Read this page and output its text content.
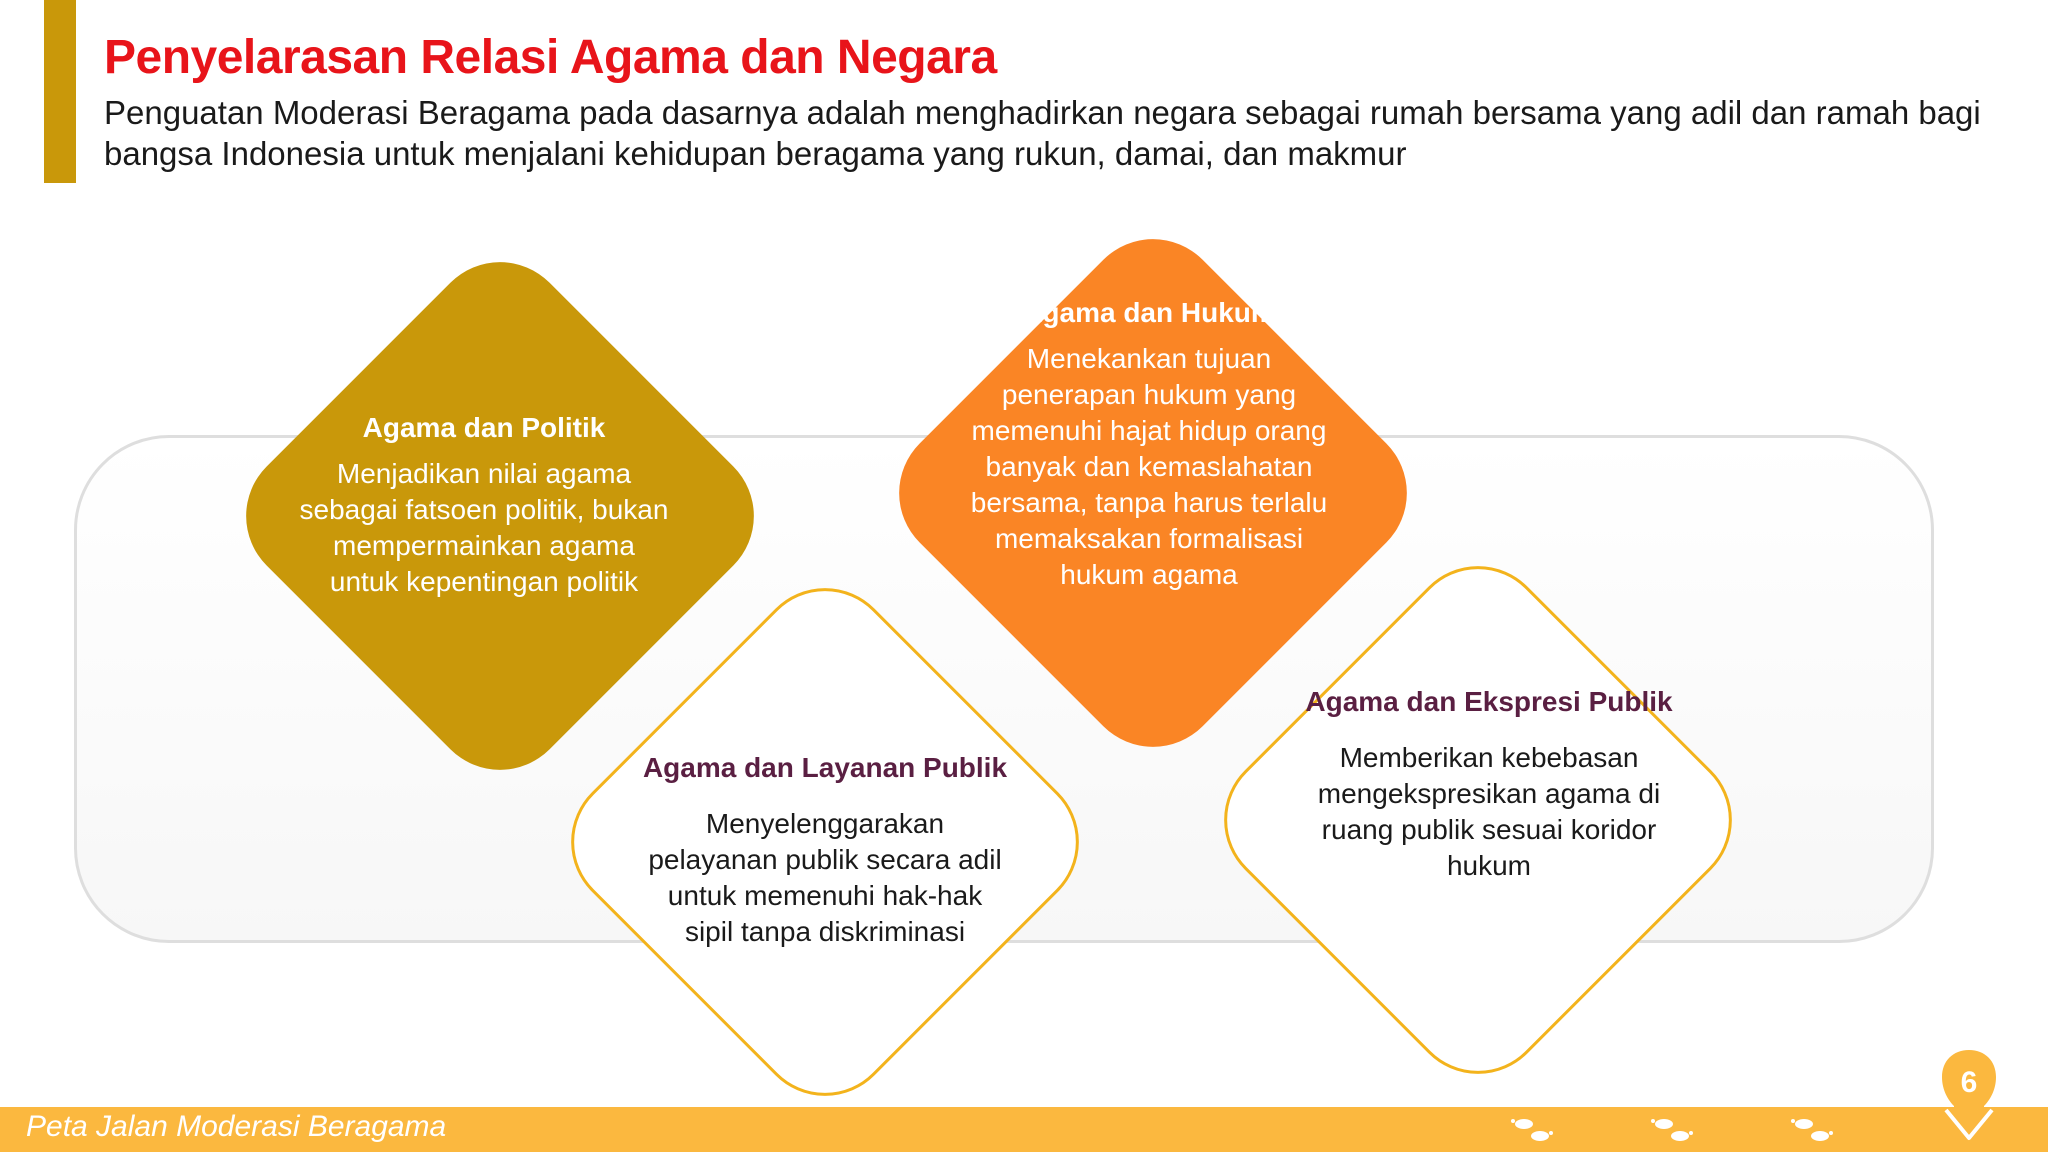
Penyelarasan Relasi Agama dan Negara

Penguatan Moderasi Beragama pada dasarnya adalah menghadirkan negara sebagai rumah bersama yang adil dan ramah bagi bangsa Indonesia untuk menjalani kehidupan beragama yang rukun, damai, dan makmur

Agama dan Politik

Menjadikan nilai agama sebagai fatsoen politik, bukan mempermainkan agama untuk kepentingan politik

Agama dan Hukum

Menekankan tujuan penerapan hukum yang memenuhi hajat hidup orang banyak dan kemaslahatan bersama, tanpa harus terlalu memaksakan formalisasi hukum agama

Agama dan Layanan Publik

Menyelenggarakan pelayanan publik secara adil untuk memenuhi hak-hak sipil tanpa diskriminasi

Agama dan Ekspresi Publik

Memberikan kebebasan mengekspresikan agama di ruang publik sesuai koridor hukum

Peta Jalan Moderasi Beragama
6
